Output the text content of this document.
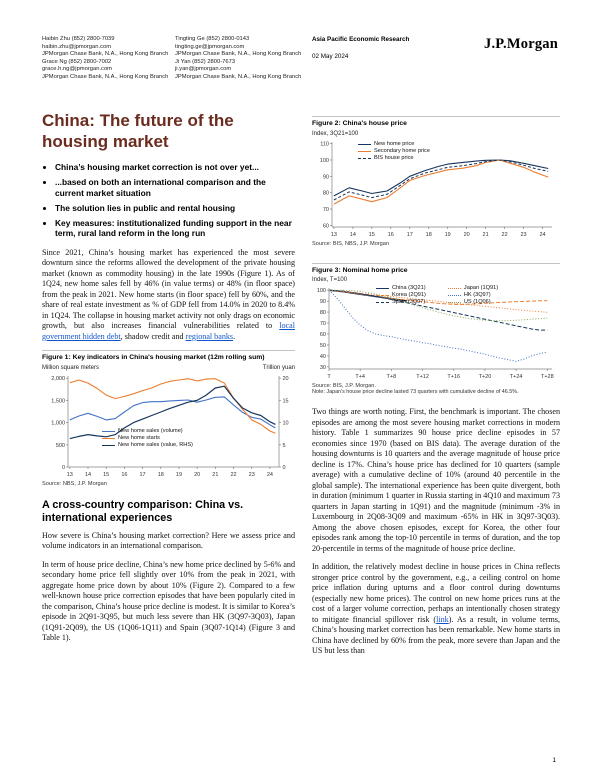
Haibin Zhu (852) 2800-7039
haibin.zhu@jpmorgan.com
JPMorgan Chase Bank, N.A., Hong Kong Branch
Grace Ng (852) 2800-7002
grace.h.ng@jpmorgan.com
JPMorgan Chase Bank, N.A., Hong Kong Branch
Tingting Ge (852) 2800-0143
tingting.ge@jpmorgan.com
JPMorgan Chase Bank, N.A., Hong Kong Branch
Ji Yan (852) 2800-7673
ji.yan@jpmorgan.com
JPMorgan Chase Bank, N.A., Hong Kong Branch
Asia Pacific Economic Research
02 May 2024
J.P.Morgan
China: The future of the housing market
• China’s housing market correction is not over yet...
• ...based on both an international comparison and the current market situation
• The solution lies in public and rental housing
• Key measures: institutionalized funding support in the near term, rural land reform in the long run

Since 2021, China’s housing market has experienced the most severe downturn since the reforms allowed the development of the private housing market (known as commodity housing) in the late 1990s (Figure 1). As of 1Q24, new home sales fell by 46% (in value terms) or 48% (in floor space) from the peak in 2021. New home starts (in floor space) fell by 60%, and the share of real estate investment as % of GDP fell from 14.0% in 2020 to 8.4% in 1Q24. The collapse in housing market activity not only drags on economic growth, but also increases financial vulnerabilities related to local government hidden debt, shadow credit and regional banks.

Figure 1: Key indicators in China's housing market (12m rolling sum)
Million square meters	Trillion yuan
13 14 15 16 17 18 19 20 21 22 23 24
0
500
1,000
1,500
2,000
0
5
10
15
20
New home sales (volume)
New home starts
New home sales (value, RHS)
Source: NBS, J.P. Morgan
A cross-country comparison: China vs. international experiences

How severe is China’s housing market correction? Here we assess price and volume indicators in an international comparison.

In term of house price decline, China’s new home price declined by 5-6% and secondary home price fell slightly over 10% from the peak in 2021, with aggregate home price down by about 10% (Figure 2). Compared to a few well-known house price correction episodes that have been popularly cited in the comparison, China’s house price decline is modest. It is similar to Korea’s episode in 2Q91-3Q95, but much less severe than HK (3Q97-3Q03), Japan (1Q91-2Q09), the US (1Q06-1Q11) and Spain (3Q07-1Q14) (Figure 3 and Table 1).

Figure 2: China's house price
Index, 3Q21=100
13 14 15 16 17 18 19 20 21 22 23 24
60
70
80
90
100
110	New home price
Secondary home price
BIS house price
Source: BIS, NBS, J.P. Morgan
Figure 3: Nominal home price
Index, T=100
T	T+4	T+8	T+12	T+16	T+20	T+24	T+28
30
40
50
60
70
80
90
100
China (3Q21)
Korea (2Q91)
Spain (3Q07)
Japan (1Q91)
HK (3Q97)
US (1Q06)
Source: BIS, J.P. Morgan.
Note: Japan's house price decline lasted 73 quarters with cumulative decline of 46.5%.

Two things are worth noting. First, the benchmark is important. The chosen episodes are among the most severe housing market corrections in modern history. Table 1 summarizes 90 house price decline episodes in 57 economies since 1970 (based on BIS data). The average duration of the housing downturns is 10 quarters and the average magnitude of house price decline is 17%. China’s house price has declined for 10 quarters (sample average) with a cumulative decline of 10% (around 40 percentile in the global sample). The international experience has been quite divergent, both in duration (minimum 1 quarter in Russia starting in 4Q10 and maximum 73 quarters in Japan starting in 1Q91) and the magnitude (minimum -3% in Luxembourg in 2Q08-3Q09 and maximum -65% in HK in 3Q97-3Q03). Among the above chosen episodes, except for Korea, the other four episodes rank among the top-10 percentile in terms of duration, and the top 20-percentile in terms of the magnitude of house price decline.

In addition, the relatively modest decline in house prices in China reflects stronger price control by the government, e.g., a ceiling control on home price inflation during upturns and a floor control during downturns (especially new home prices). The control on new home prices runs at the cost of a larger volume correction, perhaps an intentionally chosen strategy to mitigate financial spillover risk (link). As a result, in volume terms, China’s housing market correction has been remarkable. New home starts in China have declined by 60% from the peak, more severe than Japan and the US but less than

1
